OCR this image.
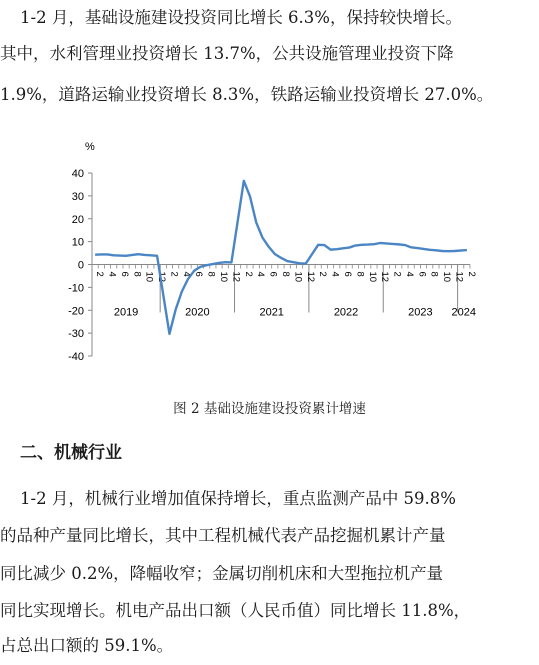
1-2 月，基础设施建设投资同比增长 6.3%，保持较快增长。
其中，水利管理业投资增长 13.7%，公共设施管理业投资下降
1.9%，道路运输业投资增长 8.3%，铁路运输业投资增长 27.0%。
%
40
30
20
10
0
-10
-20
-30
-40
2 4 6 8 10 12 2 4 6 8 10 12 2 4 6 8 10 12 2 4 6 8 10 12 2 4 6 8 10 12 2
2019	2020	2021	2022	2023 2024
图 2 基础设施建设投资累计增速
二、机械行业
1-2 月，机械行业增加值保持增长，重点监测产品中 59.8%
的品种产量同比增长，其中工程机械代表产品挖掘机累计产量
同比减少 0.2%，降幅收窄；金属切削机床和大型拖拉机产量
同比实现增长。机电产品出口额（人民币值）同比增长 11.8%，
占总出口额的 59.1%。
